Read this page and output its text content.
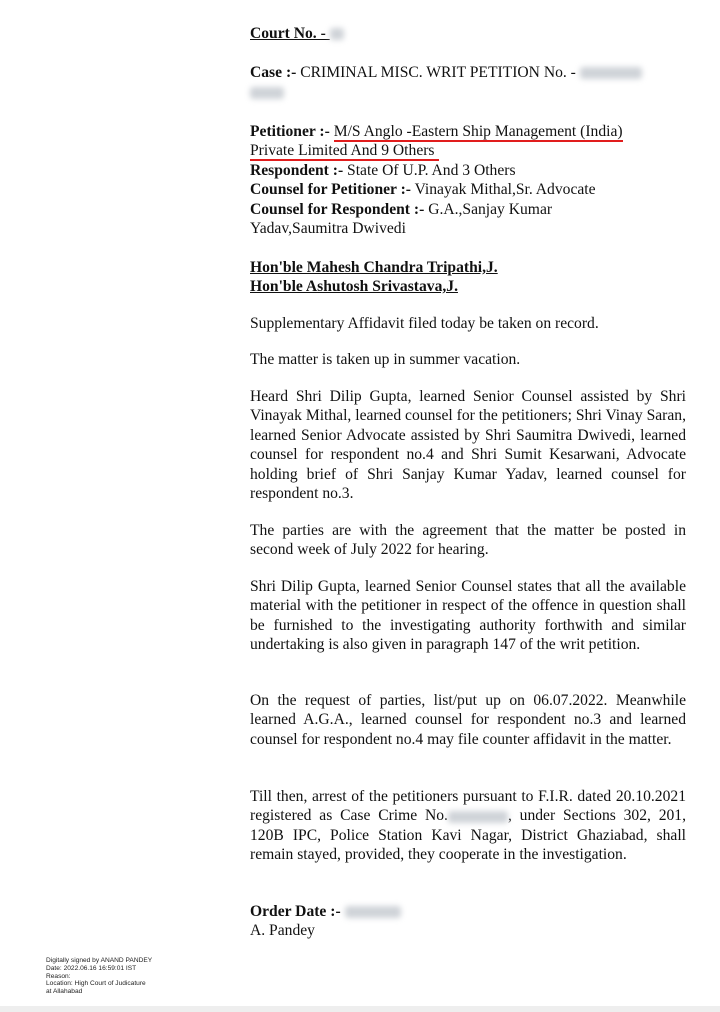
Court No. -
Case :- CRIMINAL MISC. WRIT PETITION No. -
Petitioner :- M/S Anglo -Eastern Ship Management (India)
Private Limited And 9 Others
Respondent :- State Of U.P. And 3 Others
Counsel for Petitioner :- Vinayak Mithal,Sr. Advocate
Counsel for Respondent :- G.A.,Sanjay Kumar
Yadav,Saumitra Dwivedi
Hon'ble Mahesh Chandra Tripathi,J.
Hon'ble Ashutosh Srivastava,J.
Supplementary Affidavit filed today be taken on record.
The matter is taken up in summer vacation.
Heard Shri Dilip Gupta, learned Senior Counsel assisted by Shri Vinayak Mithal, learned counsel for the petitioners; Shri Vinay Saran, learned Senior Advocate assisted by Shri Saumitra Dwivedi, learned counsel for respondent no.4 and Shri Sumit Kesarwani, Advocate holding brief of Shri Sanjay Kumar Yadav, learned counsel for respondent no.3.
The parties are with the agreement that the matter be posted in second week of July 2022 for hearing.
Shri Dilip Gupta, learned Senior Counsel states that all the available material with the petitioner in respect of the offence in question shall be furnished to the investigating authority forthwith and similar undertaking is also given in paragraph 147 of the writ petition.
On the request of parties, list/put up on 06.07.2022. Meanwhile learned A.G.A., learned counsel for respondent no.3 and learned counsel for respondent no.4 may file counter affidavit in the matter.
Till then, arrest of the petitioners pursuant to F.I.R. dated 20.10.2021 registered as Case Crime No.	, under Sections 302, 201, 120B IPC, Police Station Kavi Nagar, District Ghaziabad, shall remain stayed, provided, they cooperate in the investigation.
Order Date :-
A. Pandey
Digitally signed by ANAND PANDEY
Date: 2022.06.16 16:59:01 IST
Reason:
Location: High Court of Judicature
at Allahabad
